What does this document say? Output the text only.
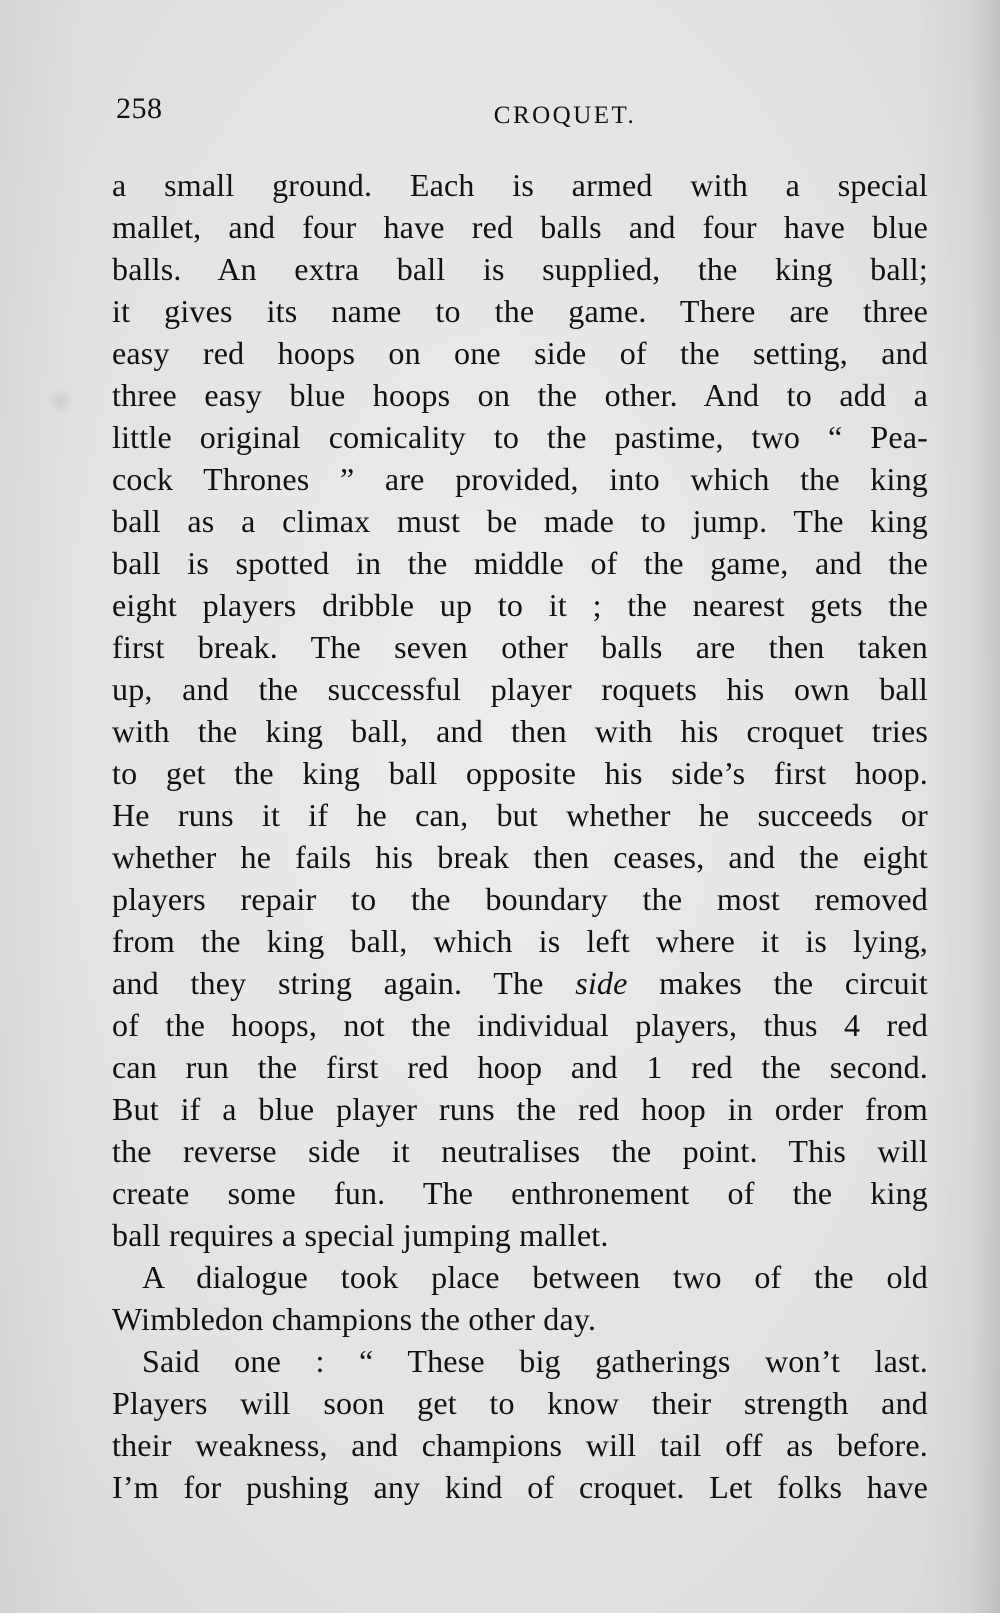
258	CROQUET.
a small ground. Each is armed with a special
mallet, and four have red balls and four have blue
balls. An extra ball is supplied, the king ball;
it gives its name to the game. There are three
easy red hoops on one side of the setting, and
three easy blue hoops on the other. And to add a
little original comicality to the pastime, two “ Pea-
cock Thrones ” are provided, into which the king
ball as a climax must be made to jump. The king
ball is spotted in the middle of the game, and the
eight players dribble up to it ; the nearest gets the
first break. The seven other balls are then taken
up, and the successful player roquets his own ball
with the king ball, and then with his croquet tries
to get the king ball opposite his side’s first hoop.
He runs it if he can, but whether he succeeds or
whether he fails his break then ceases, and the eight
players repair to the boundary the most removed
from the king ball, which is left where it is lying,
and they string again. The side makes the circuit
of the hoops, not the individual players, thus 4 red
can run the first red hoop and 1 red the second.
But if a blue player runs the red hoop in order from
the reverse side it neutralises the point. This will
create some fun. The enthronement of the king
ball requires a special jumping mallet.
A dialogue took place between two of the old
Wimbledon champions the other day.
Said one : “ These big gatherings won’t last.
Players will soon get to know their strength and
their weakness, and champions will tail off as before.
I’m for pushing any kind of croquet. Let folks have
